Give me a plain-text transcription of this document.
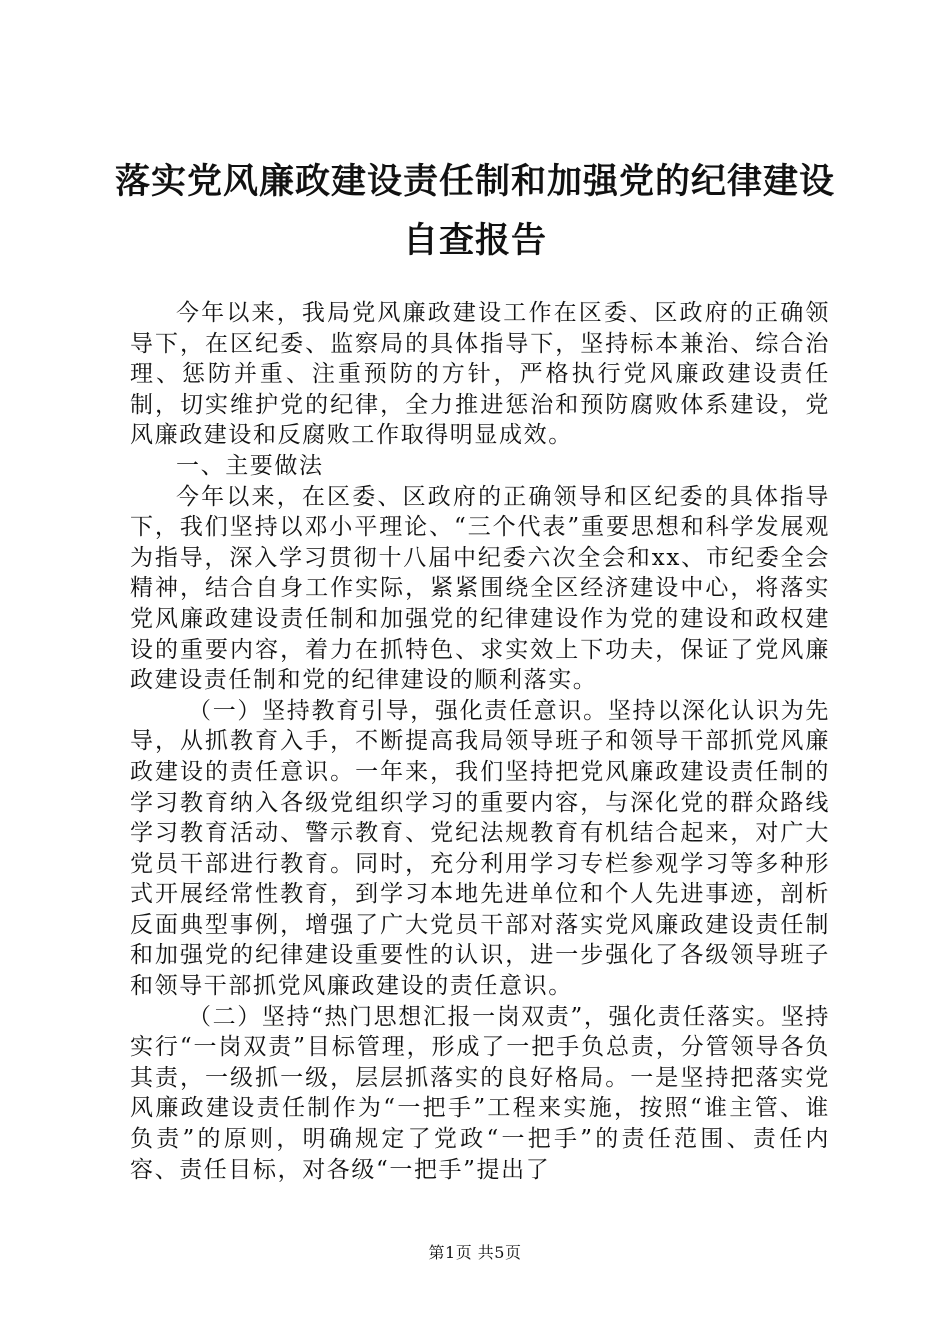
落实党风廉政建设责任制和加强党的纪律建设
自查报告

今年以来，我局党风廉政建设工作在区委、区政府的正确领导下，在区纪委、监察局的具体指导下，坚持标本兼治、综合治理、惩防并重、注重预防的方针，严格执行党风廉政建设责任制，切实维护党的纪律，全力推进惩治和预防腐败体系建设，党风廉政建设和反腐败工作取得明显成效。

一、主要做法

今年以来，在区委、区政府的正确领导和区纪委的具体指导下，我们坚持以邓小平理论、“三个代表”重要思想和科学发展观为指导，深入学习贯彻十八届中纪委六次全会和xx、市纪委全会精神，结合自身工作实际，紧紧围绕全区经济建设中心，将落实党风廉政建设责任制和加强党的纪律建设作为党的建设和政权建设的重要内容，着力在抓特色、求实效上下功夫，保证了党风廉政建设责任制和党的纪律建设的顺利落实。

（一）坚持教育引导，强化责任意识。坚持以深化认识为先导，从抓教育入手，不断提高我局领导班子和领导干部抓党风廉政建设的责任意识。一年来，我们坚持把党风廉政建设责任制的学习教育纳入各级党组织学习的重要内容，与深化党的群众路线学习教育活动、警示教育、党纪法规教育有机结合起来，对广大党员干部进行教育。同时，充分利用学习专栏参观学习等多种形式开展经常性教育，到学习本地先进单位和个人先进事迹，剖析反面典型事例，增强了广大党员干部对落实党风廉政建设责任制和加强党的纪律建设重要性的认识，进一步强化了各级领导班子和领导干部抓党风廉政建设的责任意识。

（二）坚持“热门思想汇报一岗双责”，强化责任落实。坚持实行“一岗双责”目标管理，形成了一把手负总责，分管领导各负其责，一级抓一级，层层抓落实的良好格局。一是坚持把落实党风廉政建设责任制作为“一把手”工程来实施，按照“谁主管、谁负责”的原则，明确规定了党政“一把手”的责任范围、责任内容、责任目标，对各级“一把手”提出了

第1页 共5页
